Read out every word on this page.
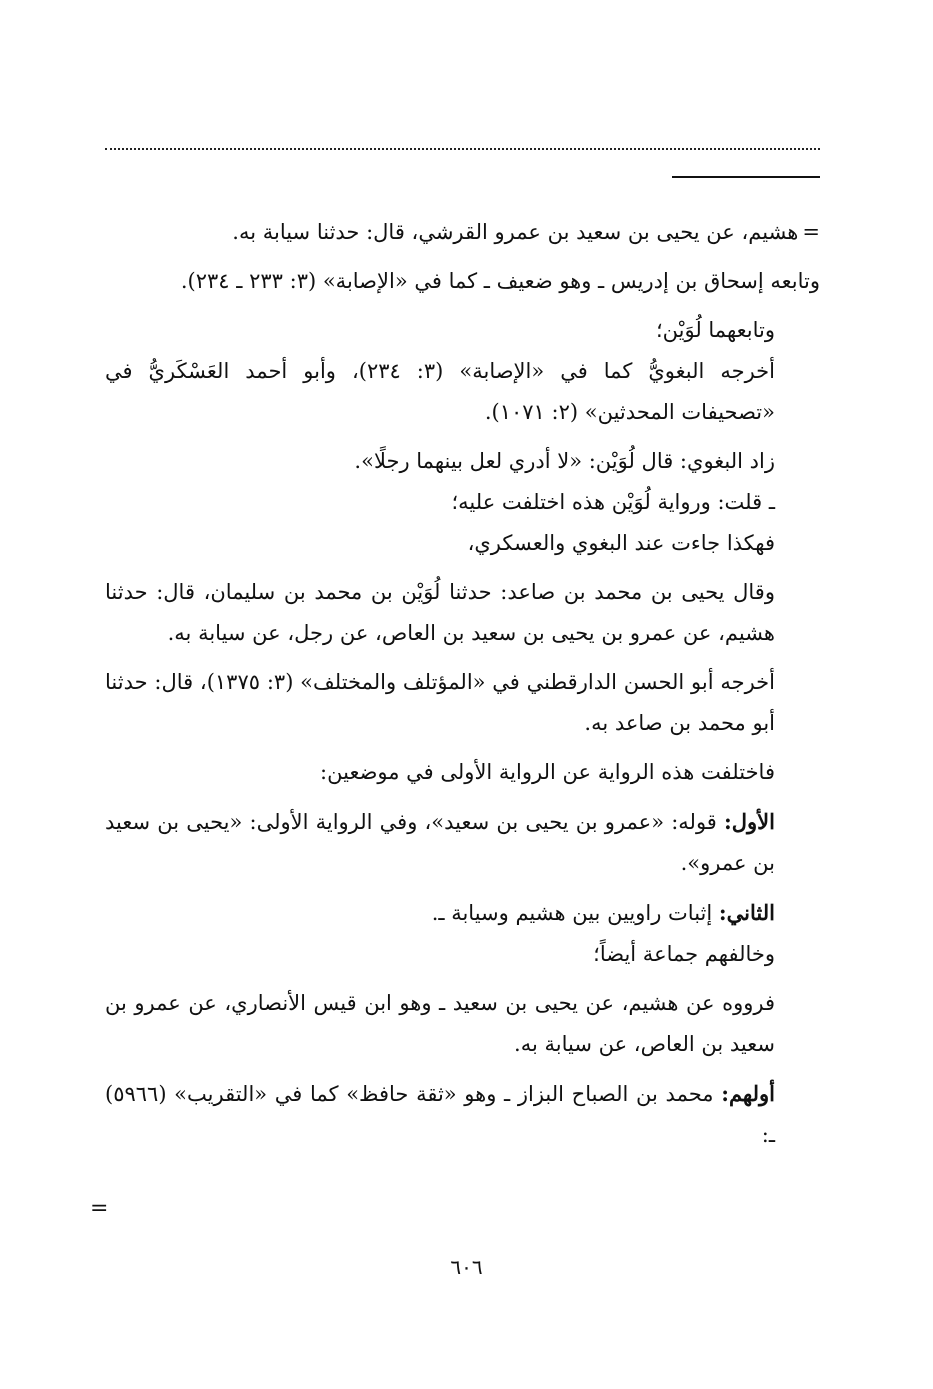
=هشيم، عن يحيى بن سعيد بن عمرو القرشي، قال: حدثنا سيابة به.

وتابعه إسحاق بن إدريس ـ وهو ضعيف ـ كما في «الإصابة» (٣: ٢٣٣ ـ ٢٣٤).

وتابعهما لُوَيْن؛

أخرجه البغويُّ كما في «الإصابة» (٣: ٢٣٤)، وأبو أحمد العَسْكَريُّ في «تصحيفات المحدثين» (٢: ١٠٧١).

زاد البغوي: قال لُوَيْن: «لا أدري لعل بينهما رجلًا».

ـ قلت: ورواية لُوَيْن هذه اختلفت عليه؛

فهكذا جاءت عند البغوي والعسكري،

وقال يحيى بن محمد بن صاعد: حدثنا لُوَيْن بن محمد بن سليمان، قال: حدثنا هشيم، عن عمرو بن يحيى بن سعيد بن العاص، عن رجل، عن سيابة به.

أخرجه أبو الحسن الدارقطني في «المؤتلف والمختلف» (٣: ١٣٧٥)، قال: حدثنا أبو محمد بن صاعد به.

فاختلفت هذه الرواية عن الرواية الأولى في موضعين:

الأول: قوله: «عمرو بن يحيى بن سعيد»، وفي الرواية الأولى: «يحيى بن سعيد بن عمرو».

الثاني: إثبات راويين بين هشيم وسيابة ـ.

وخالفهم جماعة أيضاً؛

فرووه عن هشيم، عن يحيى بن سعيد ـ وهو ابن قيس الأنصاري، عن عمرو بن سعيد بن العاص، عن سيابة به.

أولهم: محمد بن الصباح البزاز ـ وهو «ثقة حافظ» كما في «التقريب» (٥٩٦٦) ـ:

=
٦٠٦
